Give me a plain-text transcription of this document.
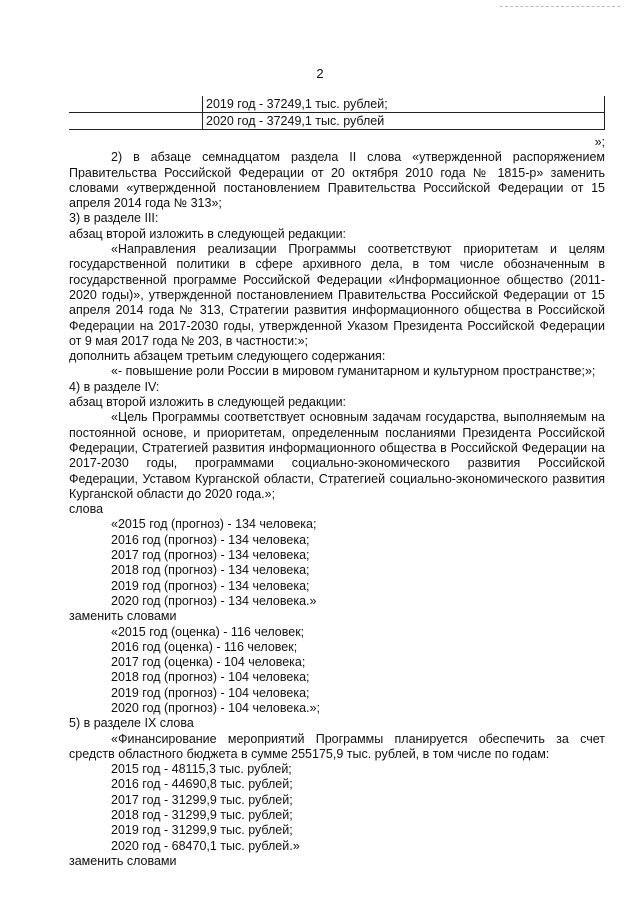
2
	2019 год - 37249,1 тыс. рублей;
	2020 год - 37249,1 тыс. рублей

»;

2) в абзаце семнадцатом раздела II слова «утвержденной распоряжением Правительства Российской Федерации от 20 октября 2010 года № 1815-р» заменить словами «утвержденной постановлением Правительства Российской Федерации от 15 апреля 2014 года № 313»;

3) в разделе III:

абзац второй изложить в следующей редакции:

«Направления реализации Программы соответствуют приоритетам и целям государственной политики в сфере архивного дела, в том числе обозначенным в государственной программе Российской Федерации «Информационное общество (2011-2020 годы)», утвержденной постановлением Правительства Российской Федерации от 15 апреля 2014 года № 313, Стратегии развития информационного общества в Российской Федерации на 2017-2030 годы, утвержденной Указом Президента Российской Федерации от 9 мая 2017 года № 203, в частности:»;

дополнить абзацем третьим следующего содержания:

«- повышение роли России в мировом гуманитарном и культурном пространстве;»;

4) в разделе IV:

абзац второй изложить в следующей редакции:

«Цель Программы соответствует основным задачам государства, выполняемым на постоянной основе, и приоритетам, определенным посланиями Президента Российской Федерации, Стратегией развития информационного общества в Российской Федерации на 2017-2030 годы, программами социально-экономического развития Российской Федерации, Уставом Курганской области, Стратегией социально-экономического развития Курганской области до 2020 года.»;

слова

«2015 год (прогноз) - 134 человека;

2016 год (прогноз) - 134 человека;

2017 год (прогноз) - 134 человека;

2018 год (прогноз) - 134 человека;

2019 год (прогноз) - 134 человека;

2020 год (прогноз) - 134 человека.»

заменить словами

«2015 год (оценка) - 116 человек;

2016 год (оценка) - 116 человек;

2017 год (оценка) - 104 человека;

2018 год (прогноз) - 104 человека;

2019 год (прогноз) - 104 человека;

2020 год (прогноз) - 104 человека.»;

5) в разделе IX слова

«Финансирование мероприятий Программы планируется обеспечить за счет средств областного бюджета в сумме 255175,9 тыс. рублей, в том числе по годам:

2015 год - 48115,3 тыс. рублей;

2016 год - 44690,8 тыс. рублей;

2017 год - 31299,9 тыс. рублей;

2018 год - 31299,9 тыс. рублей;

2019 год - 31299,9 тыс. рублей;

2020 год - 68470,1 тыс. рублей.»

заменить словами
